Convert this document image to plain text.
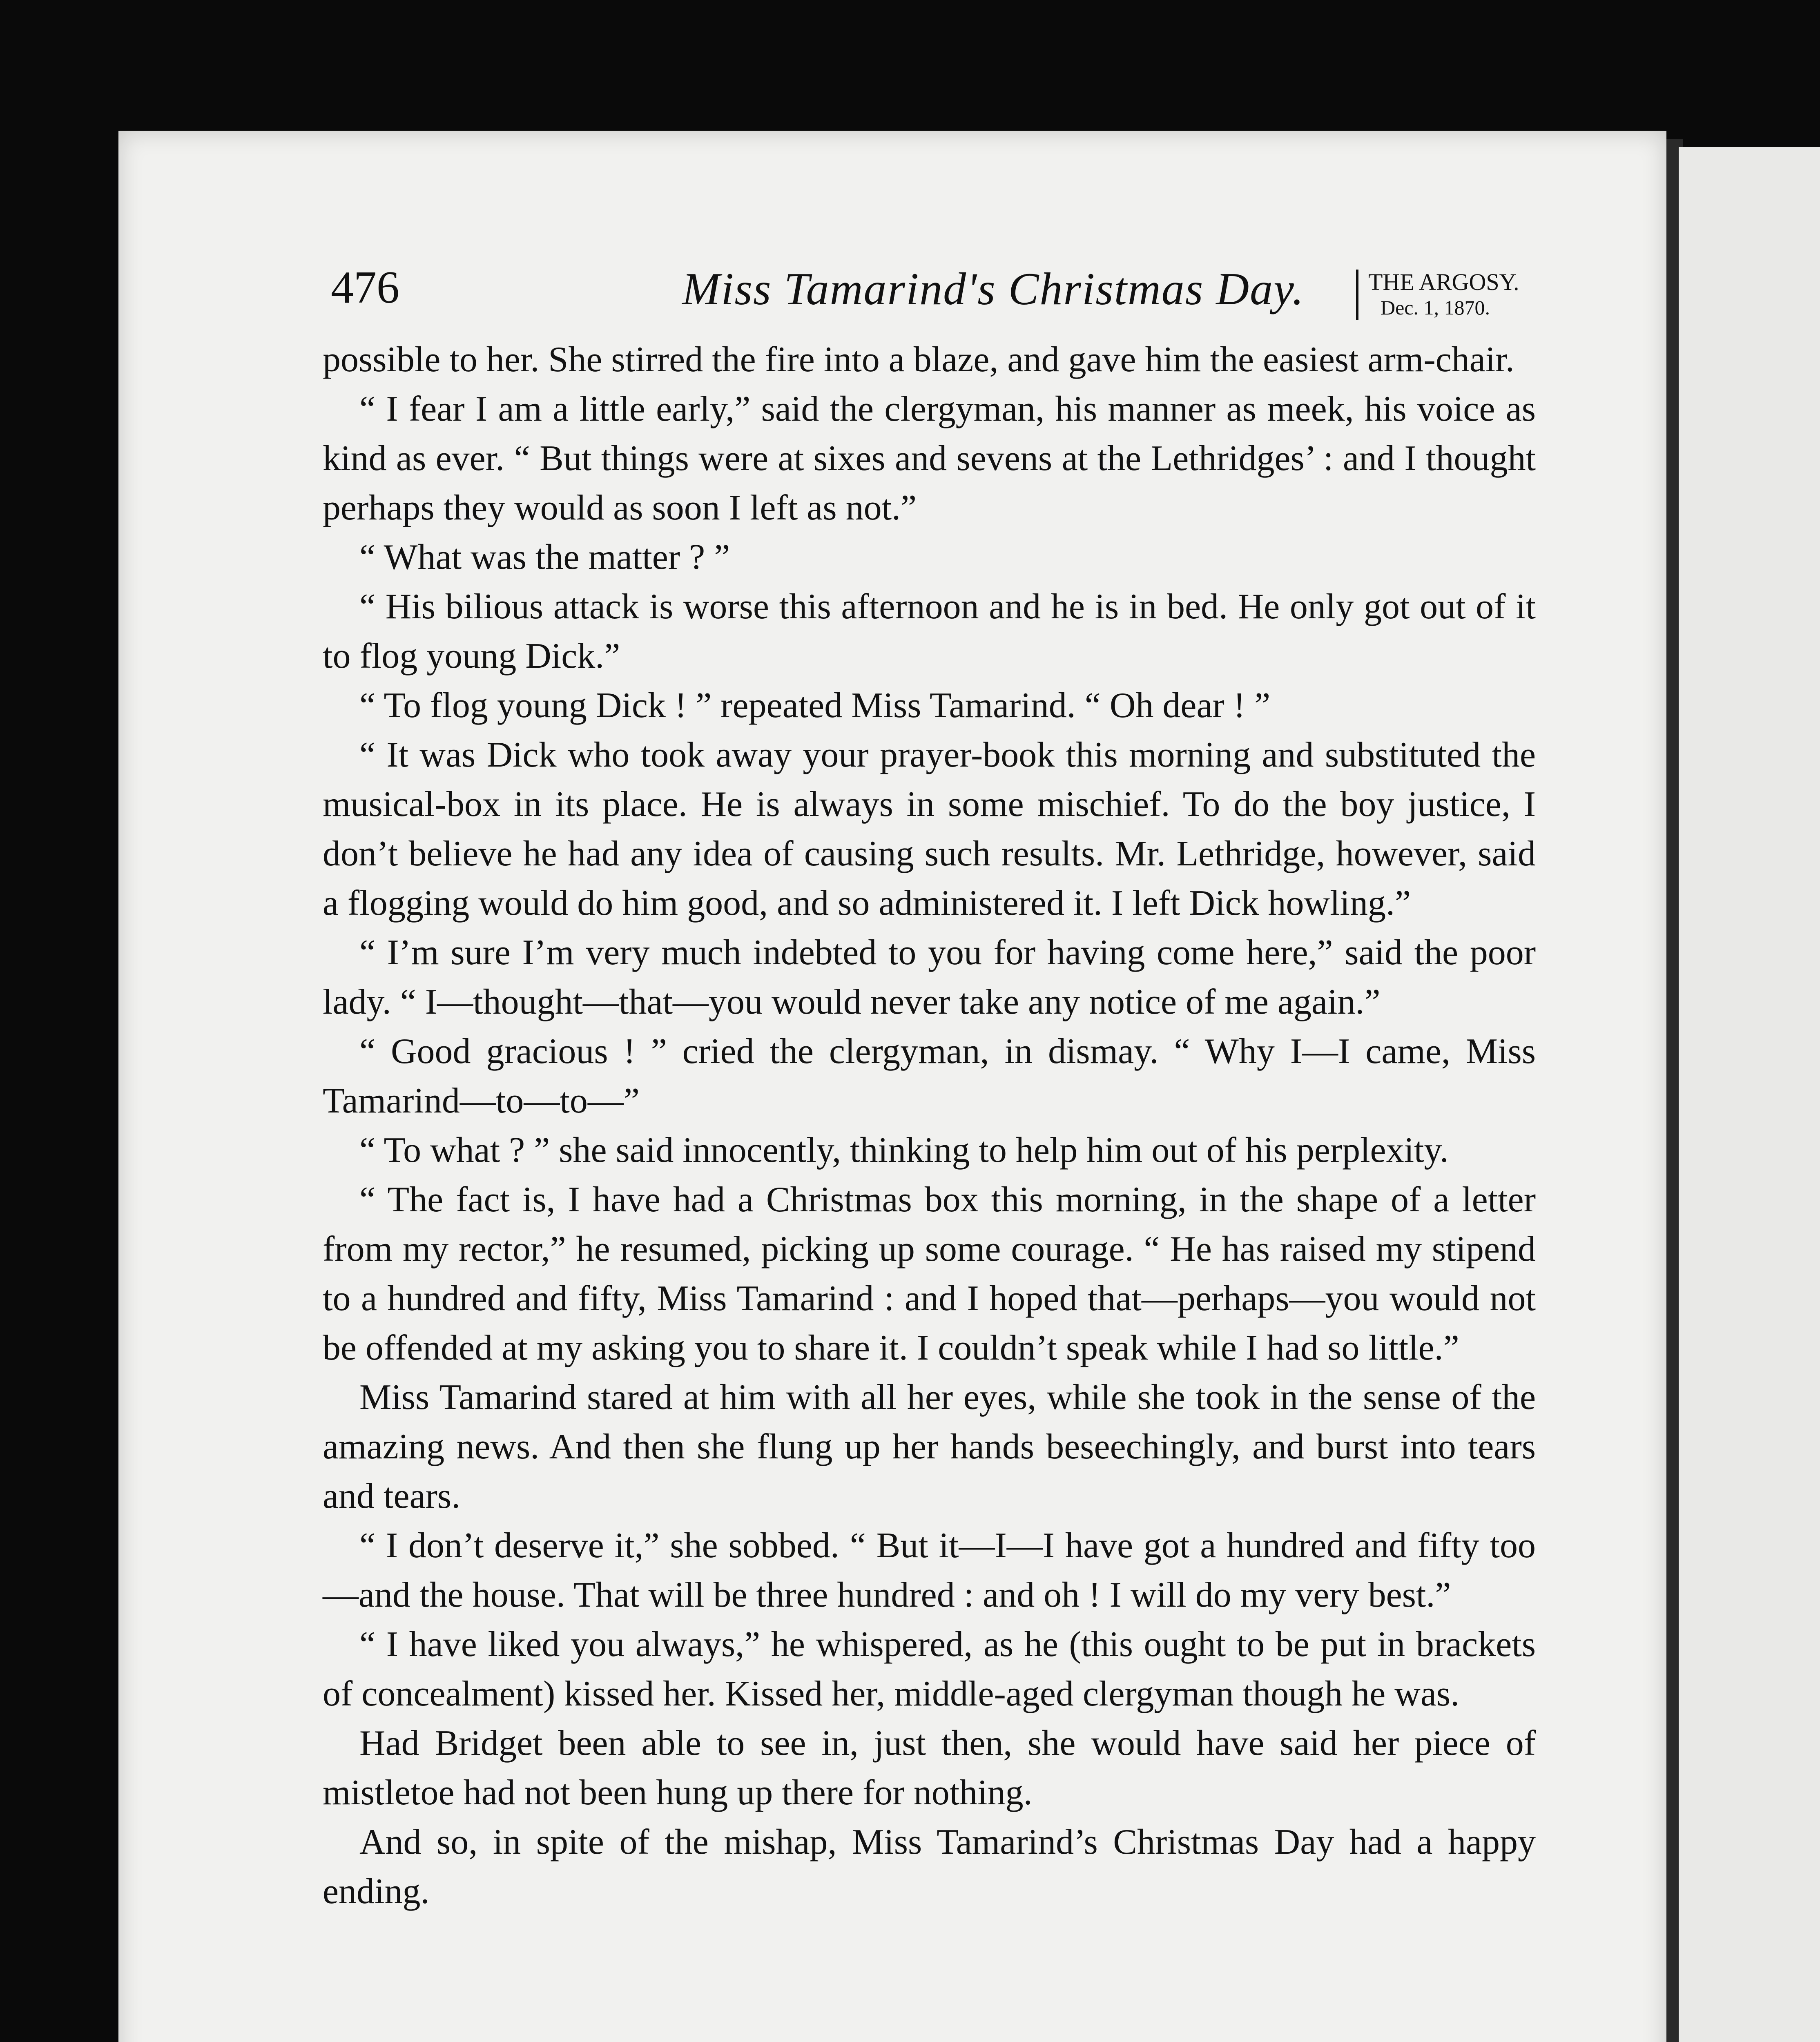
476	Miss Tamarind's Christmas Day.	THE ARGOSY.
Dec. 1, 1870.

possible to her. She stirred the fire into a blaze, and gave him the easiest arm-chair.

“ I fear I am a little early,” said the clergyman, his manner as meek, his voice as kind as ever. “ But things were at sixes and sevens at the Lethridges’ : and I thought perhaps they would as soon I left as not.”

“ What was the matter ? ”

“ His bilious attack is worse this afternoon and he is in bed. He only got out of it to flog young Dick.”

“ To flog young Dick ! ” repeated Miss Tamarind. “ Oh dear ! ”

“ It was Dick who took away your prayer-book this morning and substituted the musical-box in its place. He is always in some mischief. To do the boy justice, I don’t believe he had any idea of causing such results. Mr. Lethridge, however, said a flogging would do him good, and so administered it. I left Dick howling.”

“ I’m sure I’m very much indebted to you for having come here,” said the poor lady. “ I—thought—that—you would never take any notice of me again.”

“ Good gracious ! ” cried the clergyman, in dismay. “ Why I—I came, Miss Tamarind—to—to—”

“ To what ? ” she said innocently, thinking to help him out of his perplexity.

“ The fact is, I have had a Christmas box this morning, in the shape of a letter from my rector,” he resumed, picking up some courage. “ He has raised my stipend to a hundred and fifty, Miss Tamarind : and I hoped that—perhaps—you would not be offended at my asking you to share it. I couldn’t speak while I had so little.”

Miss Tamarind stared at him with all her eyes, while she took in the sense of the amazing news. And then she flung up her hands beseechingly, and burst into tears and tears.

“ I don’t deserve it,” she sobbed. “ But it—I—I have got a hundred and fifty too—and the house. That will be three hundred : and oh ! I will do my very best.”

“ I have liked you always,” he whispered, as he (this ought to be put in brackets of concealment) kissed her. Kissed her, middle-aged clergyman though he was.

Had Bridget been able to see in, just then, she would have said her piece of mistletoe had not been hung up there for nothing.

And so, in spite of the mishap, Miss Tamarind’s Christmas Day had a happy ending.
